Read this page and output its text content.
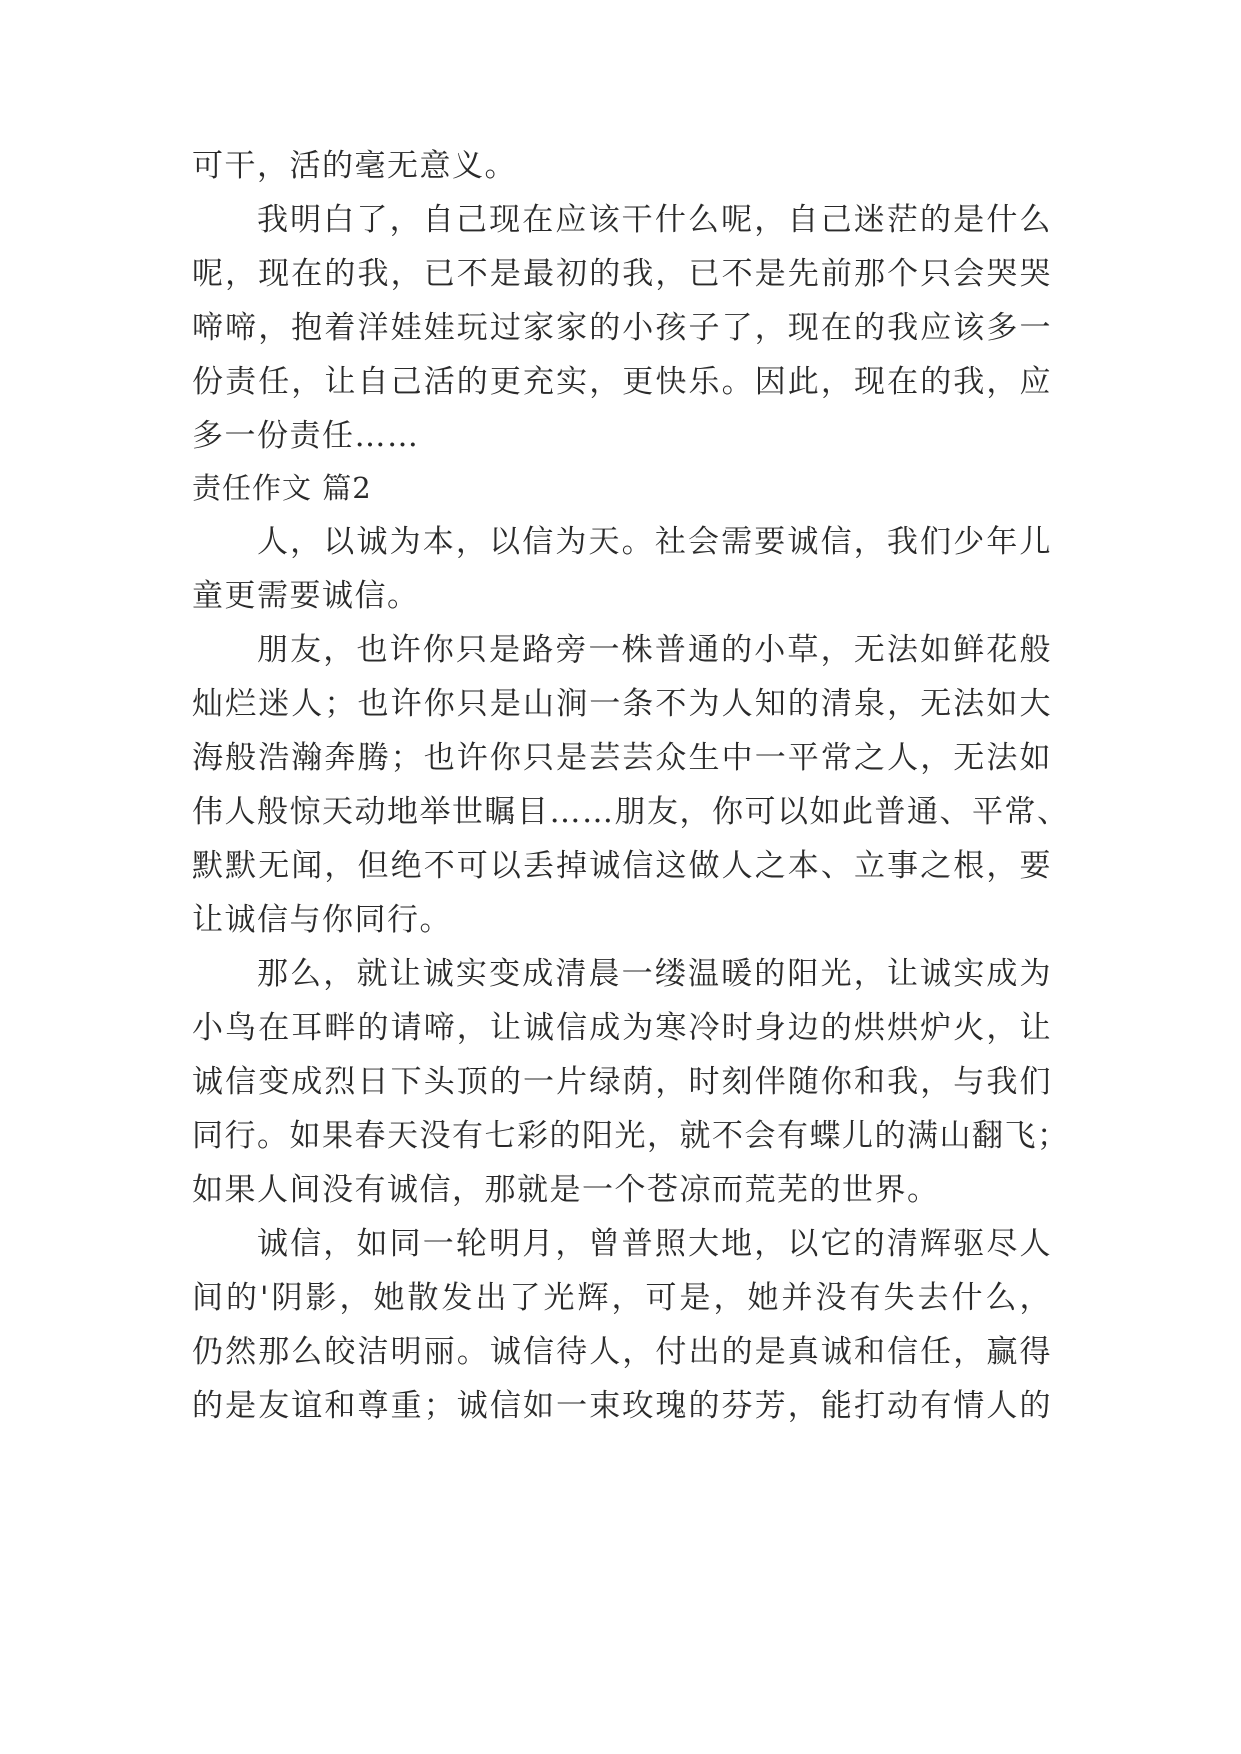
可干，活的毫无意义。
我明白了，自己现在应该干什么呢，自己迷茫的是什么
呢，现在的我，已不是最初的我，已不是先前那个只会哭哭
啼啼，抱着洋娃娃玩过家家的小孩子了，现在的我应该多一
份责任，让自己活的更充实，更快乐。因此，现在的我，应
多一份责任……
责任作文 篇2
人，以诚为本，以信为天。社会需要诚信，我们少年儿
童更需要诚信。
朋友，也许你只是路旁一株普通的小草，无法如鲜花般
灿烂迷人；也许你只是山涧一条不为人知的清泉，无法如大
海般浩瀚奔腾；也许你只是芸芸众生中一平常之人，无法如
伟人般惊天动地举世瞩目……朋友，你可以如此普通、平常、
默默无闻，但绝不可以丢掉诚信这做人之本、立事之根，要
让诚信与你同行。
那么，就让诚实变成清晨一缕温暖的阳光，让诚实成为
小鸟在耳畔的请啼，让诚信成为寒冷时身边的烘烘炉火，让
诚信变成烈日下头顶的一片绿荫，时刻伴随你和我，与我们
同行。如果春天没有七彩的阳光，就不会有蝶儿的满山翻飞；
如果人间没有诚信，那就是一个苍凉而荒芜的世界。
诚信，如同一轮明月，曾普照大地，以它的清辉驱尽人
间的'阴影，她散发出了光辉，可是，她并没有失去什么，
仍然那么皎洁明丽。诚信待人，付出的是真诚和信任，赢得
的是友谊和尊重；诚信如一束玫瑰的芬芳，能打动有情人的
